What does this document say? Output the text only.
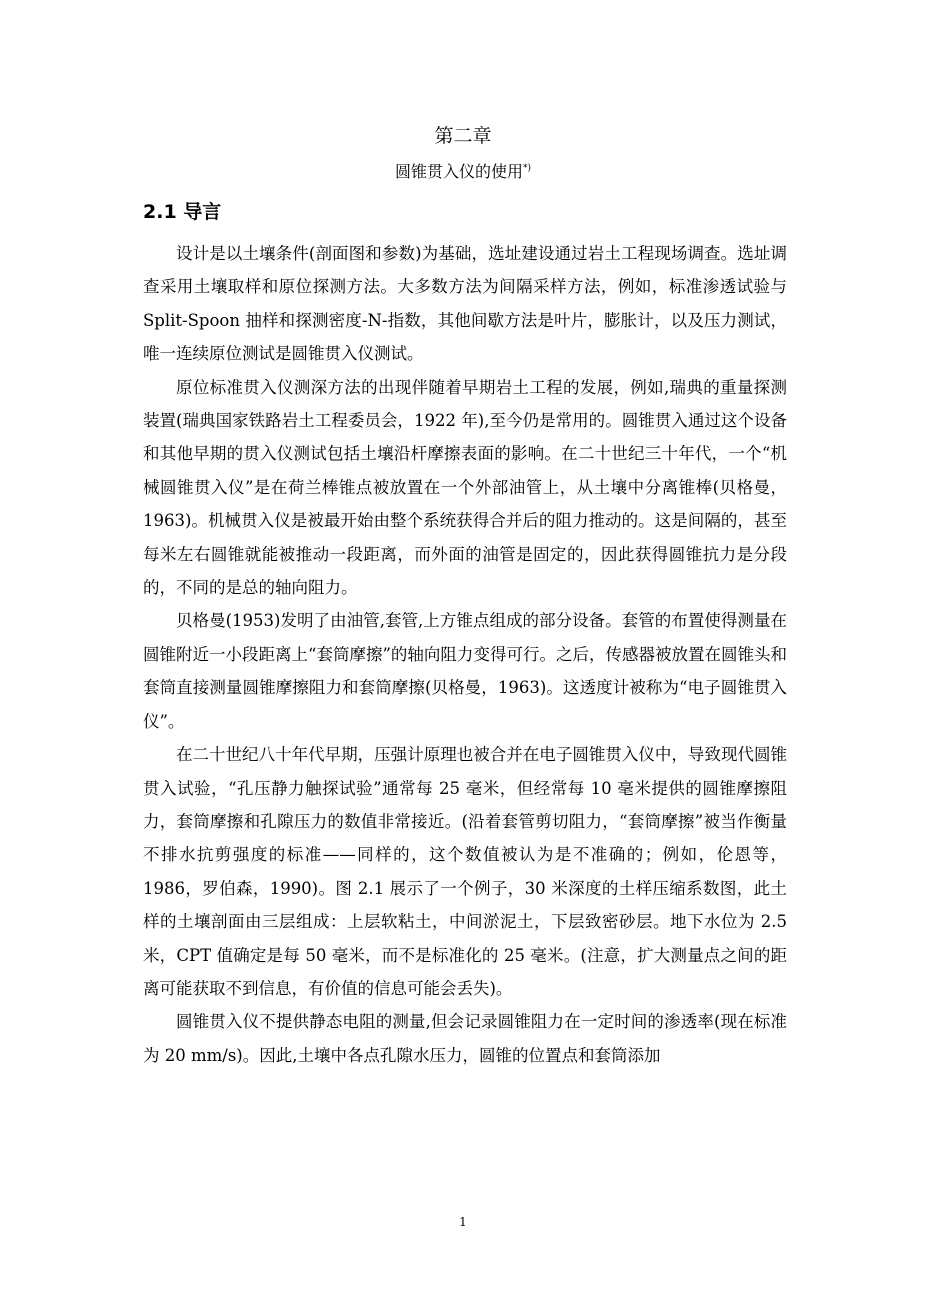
第二章
圆锥贯入仪的使用*)
2.1 导言

设计是以土壤条件(剖面图和参数)为基础，选址建设通过岩土工程现场调查。选址调查采用土壤取样和原位探测方法。大多数方法为间隔采样方法，例如，标准渗透试验与 Split-Spoon 抽样和探测密度-N-指数，其他间歇方法是叶片，膨胀计，以及压力测试，唯一连续原位测试是圆锥贯入仪测试。

原位标准贯入仪测深方法的出现伴随着早期岩土工程的发展，例如,瑞典的重量探测装置(瑞典国家铁路岩土工程委员会，1922 年),至今仍是常用的。圆锥贯入通过这个设备和其他早期的贯入仪测试包括土壤沿杆摩擦表面的影响。在二十世纪三十年代，一个“机械圆锥贯入仪”是在荷兰棒锥点被放置在一个外部油管上，从土壤中分离锥棒(贝格曼，1963)。机械贯入仪是被最开始由整个系统获得合并后的阻力推动的。这是间隔的，甚至每米左右圆锥就能被推动一段距离，而外面的油管是固定的，因此获得圆锥抗力是分段的，不同的是总的轴向阻力。

贝格曼(1953)发明了由油管,套管,上方锥点组成的部分设备。套管的布置使得测量在圆锥附近一小段距离上“套筒摩擦”的轴向阻力变得可行。之后，传感器被放置在圆锥头和套筒直接测量圆锥摩擦阻力和套筒摩擦(贝格曼，1963)。这透度计被称为“电子圆锥贯入仪”。

在二十世纪八十年代早期，压强计原理也被合并在电子圆锥贯入仪中，导致现代圆锥贯入试验，“孔压静力触探试验”通常每 25 毫米，但经常每 10 毫米提供的圆锥摩擦阻力，套筒摩擦和孔隙压力的数值非常接近。(沿着套管剪切阻力，“套筒摩擦”被当作衡量不排水抗剪强度的标准——同样的，这个数值被认为是不准确的；例如，伦恩等，1986，罗伯森，1990)。图 2.1 展示了一个例子，30 米深度的土样压缩系数图，此土样的土壤剖面由三层组成：上层软粘土，中间淤泥土，下层致密砂层。地下水位为 2.5 米，CPT 值确定是每 50 毫米，而不是标准化的 25 毫米。(注意，扩大测量点之间的距离可能获取不到信息，有价值的信息可能会丢失)。

圆锥贯入仪不提供静态电阻的测量,但会记录圆锥阻力在一定时间的渗透率(现在标准为 20 mm/s)。因此,土壤中各点孔隙水压力，圆锥的位置点和套筒添加

1
